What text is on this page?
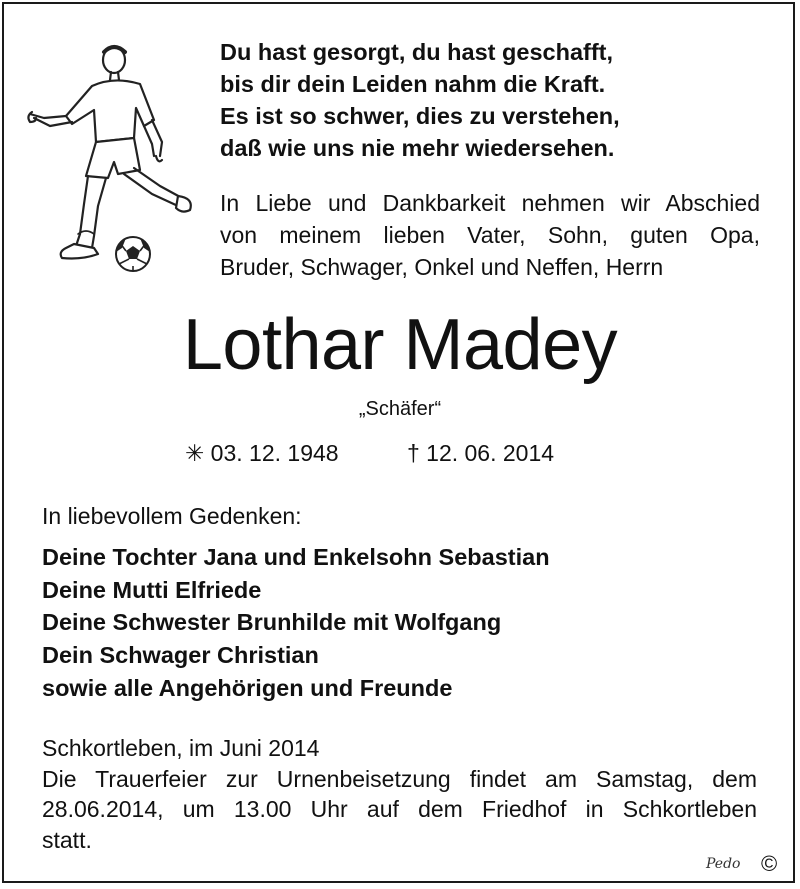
Du hast gesorgt, du hast geschafft,
bis dir dein Leiden nahm die Kraft.
Es ist so schwer, dies zu verstehen,
daß wie uns nie mehr wiedersehen.
In Liebe und Dankbarkeit nehmen wir Abschied
von meinem lieben Vater, Sohn, guten Opa,
Bruder, Schwager, Onkel und Neffen, Herrn
Lothar Madey
„Schäfer“
✳ 03. 12. 1948	† 12. 06. 2014
In liebevollem Gedenken:
Deine Tochter Jana und Enkelsohn Sebastian
Deine Mutti Elfriede
Deine Schwester Brunhilde mit Wolfgang
Dein Schwager Christian
sowie alle Angehörigen und Freunde
Schkortleben, im Juni 2014
Die Trauerfeier zur Urnenbeisetzung findet am Samstag, dem
28.06.2014, um 13.00 Uhr auf dem Friedhof in Schkortleben
statt.
Pedo ©
